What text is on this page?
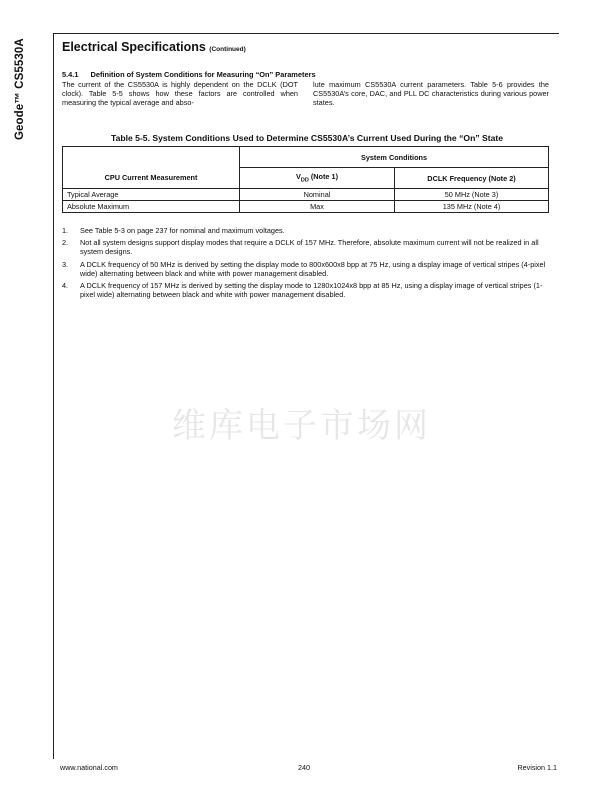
Geode™ CS5530A	Electrical Specifications (Continued)
5.4.1 Definition of System Conditions for Measuring “On” Parameters
The current of the CS5530A is highly dependent on the DCLK (DOT clock). Table 5-5 shows how these factors are controlled when measuring the typical average and abso-
lute maximum CS5530A current parameters. Table 5-6 provides the CS5530A’s core, DAC, and PLL DC characteristics during various power states.
Table 5-5. System Conditions Used to Determine CS5530A’s Current Used During the “On” State
	System Conditions	
CPU Current Measurement	$V_{DD}$ (Note 1)	DCLK Frequency (Note 2)
Typical Average	Nominal	50 MHz (Note 3)
Absolute Maximum	Max	135 MHz (Note 4)
1. See Table 5-3 on page 237 for nominal and maximum voltages.
2. Not all system designs support display modes that require a DCLK of 157 MHz. Therefore, absolute maximum current will not be realized in all system designs.
3. A DCLK frequency of 50 MHz is derived by setting the display mode to 800x600x8 bpp at 75 Hz, using a display image of vertical stripes (4-pixel wide) alternating between black and white with power management disabled.
4. A DCLK frequency of 157 MHz is derived by setting the display mode to 1280x1024x8 bpp at 85 Hz, using a display image of vertical stripes (1-pixel wide) alternating between black and white with power management disabled.
维库电子市场网
www.national.com	240	Revision 1.1
